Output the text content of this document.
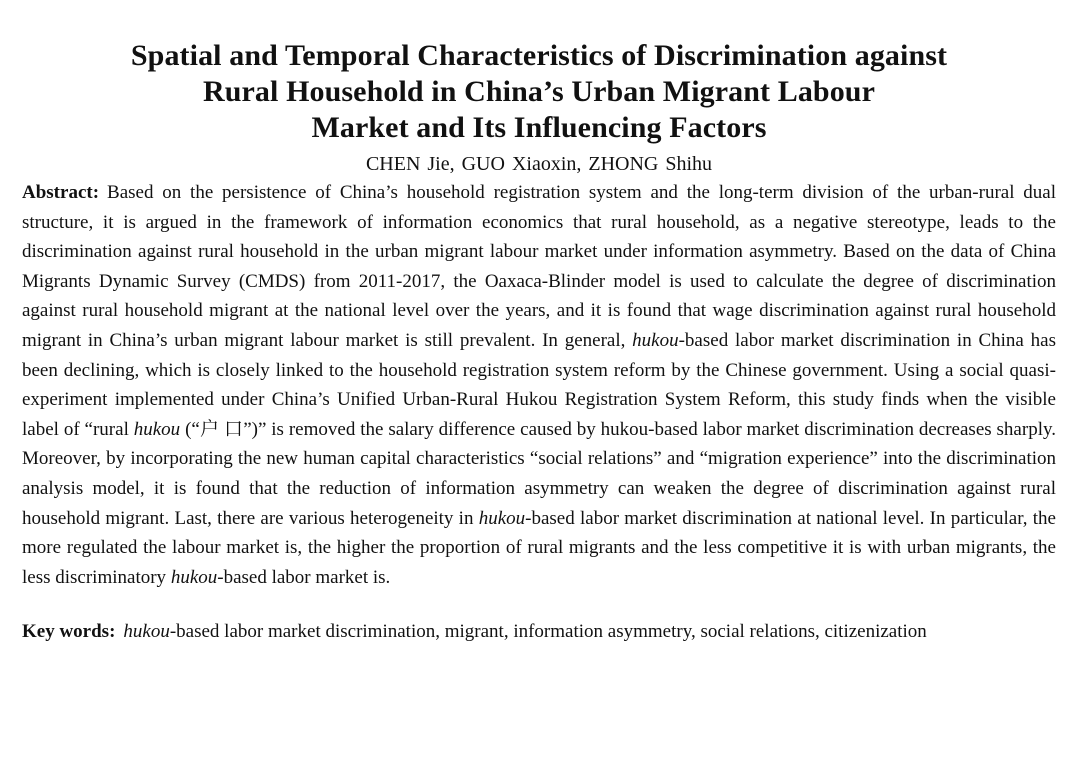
Spatial and Temporal Characteristics of Discrimination against
Rural Household in China’s Urban Migrant Labour
Market and Its Influencing Factors
CHEN Jie, GUO Xiaoxin, ZHONG Shihu

Abstract: Based on the persistence of China’s household registration system and the long-term division of the urban-rural dual structure, it is argued in the framework of information economics that rural household, as a negative stereotype, leads to the discrimination against rural household in the urban migrant labour market under information asymmetry. Based on the data of China Migrants Dynamic Survey (CMDS) from 2011-2017, the Oaxaca-Blinder model is used to calculate the degree of discrimination against rural household migrant at the national level over the years, and it is found that wage discrimination against rural household migrant in China’s urban migrant labour market is still prevalent. In general, hukou-based labor market discrimination in China has been declining, which is closely linked to the household registration system reform by the Chinese government. Using a social quasi-experiment implemented under China’s Unified Urban-Rural Hukou Registration System Reform, this study finds when the visible label of “rural hukou (“户 口”)” is removed the salary difference caused by hukou-based labor market discrimination decreases sharply. Moreover, by incorporating the new human capital characteristics “social relations” and “migration experience” into the discrimination analysis model, it is found that the reduction of information asymmetry can weaken the degree of discrimination against rural household migrant. Last, there are various heterogeneity in hukou-based labor market discrimination at national level. In particular, the more regulated the labour market is, the higher the proportion of rural migrants and the less competitive it is with urban migrants, the less discriminatory hukou-based labor market is.

Key words: hukou-based labor market discrimination, migrant, information asymmetry, social relations, citizenization
